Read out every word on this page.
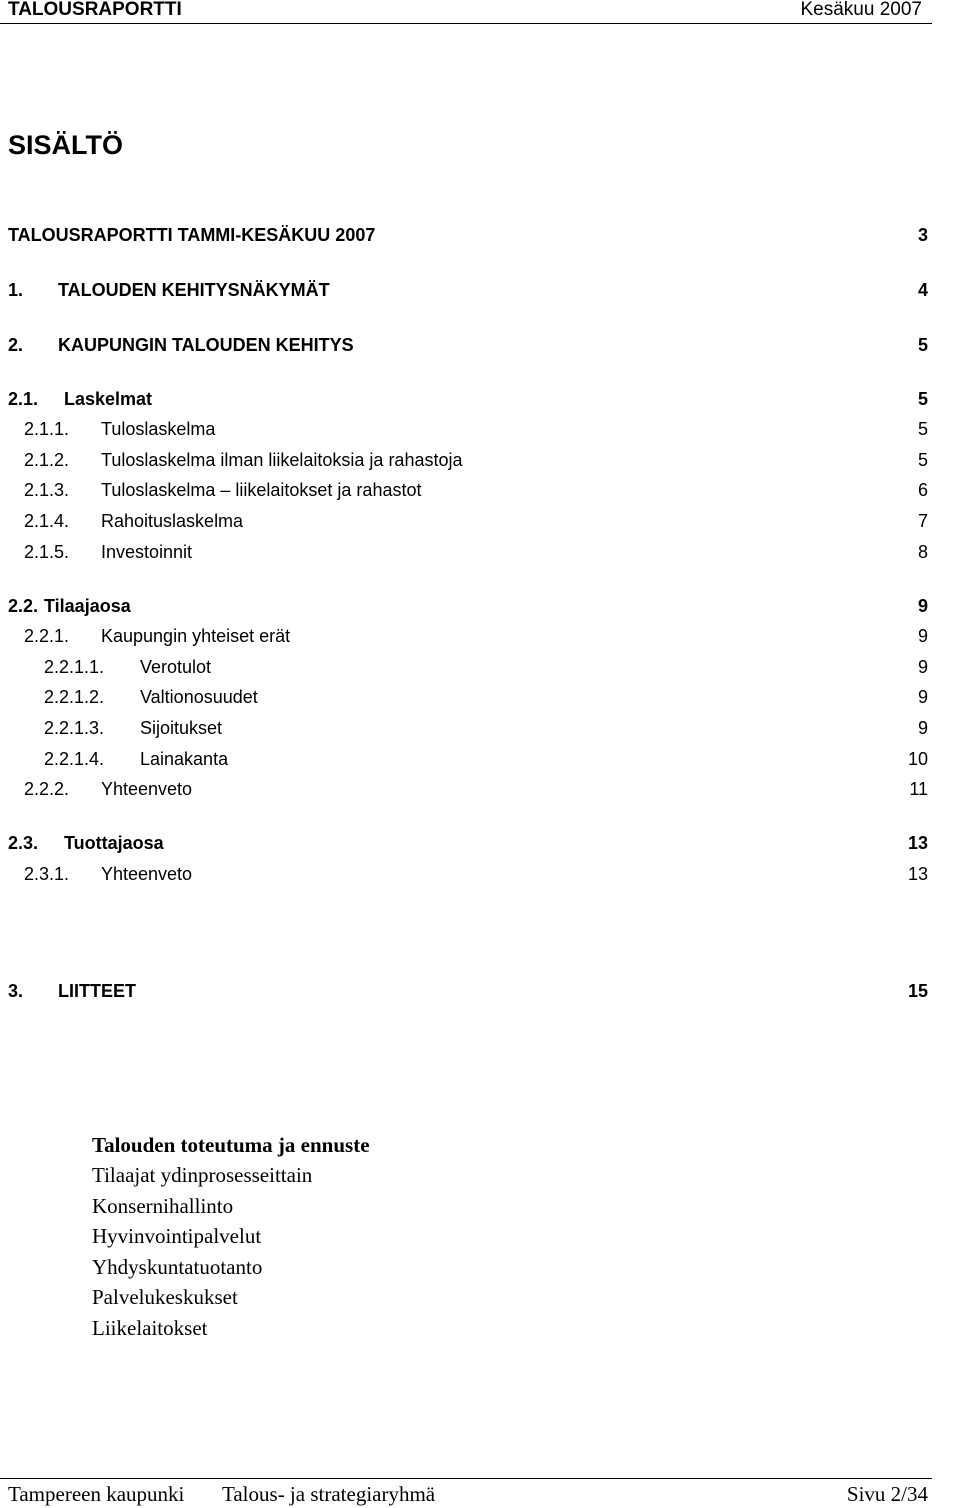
TALOUSRAPORTTI	Kesäkuu 2007
SISÄLTÖ
TALOUSRAPORTTI TAMMI-KESÄKUU 2007	3
1. TALOUDEN KEHITYSNÄKYMÄT	4
2. KAUPUNGIN TALOUDEN KEHITYS	5
2.1. Laskelmat	5
2.1.1. Tuloslaskelma	5
2.1.2. Tuloslaskelma ilman liikelaitoksia ja rahastoja	5
2.1.3. Tuloslaskelma – liikelaitokset ja rahastot	6
2.1.4. Rahoituslaskelma	7
2.1.5. Investoinnit	8
2.2. Tilaajaosa	9
2.2.1. Kaupungin yhteiset erät	9
2.2.1.1. Verotulot	9
2.2.1.2. Valtionosuudet	9
2.2.1.3. Sijoitukset	9
2.2.1.4. Lainakanta	10
2.2.2. Yhteenveto	11
2.3. Tuottajaosa	13
2.3.1. Yhteenveto	13
3. LIITTEET	15
Talouden toteutuma ja ennuste
Tilaajat ydinprosesseittain
Konsernihallinto
Hyvinvointipalvelut
Yhdyskuntatuotanto
Palvelukeskukset
Liikelaitokset
Tampereen kaupunki Talous- ja strategiaryhmä	Sivu 2/34
